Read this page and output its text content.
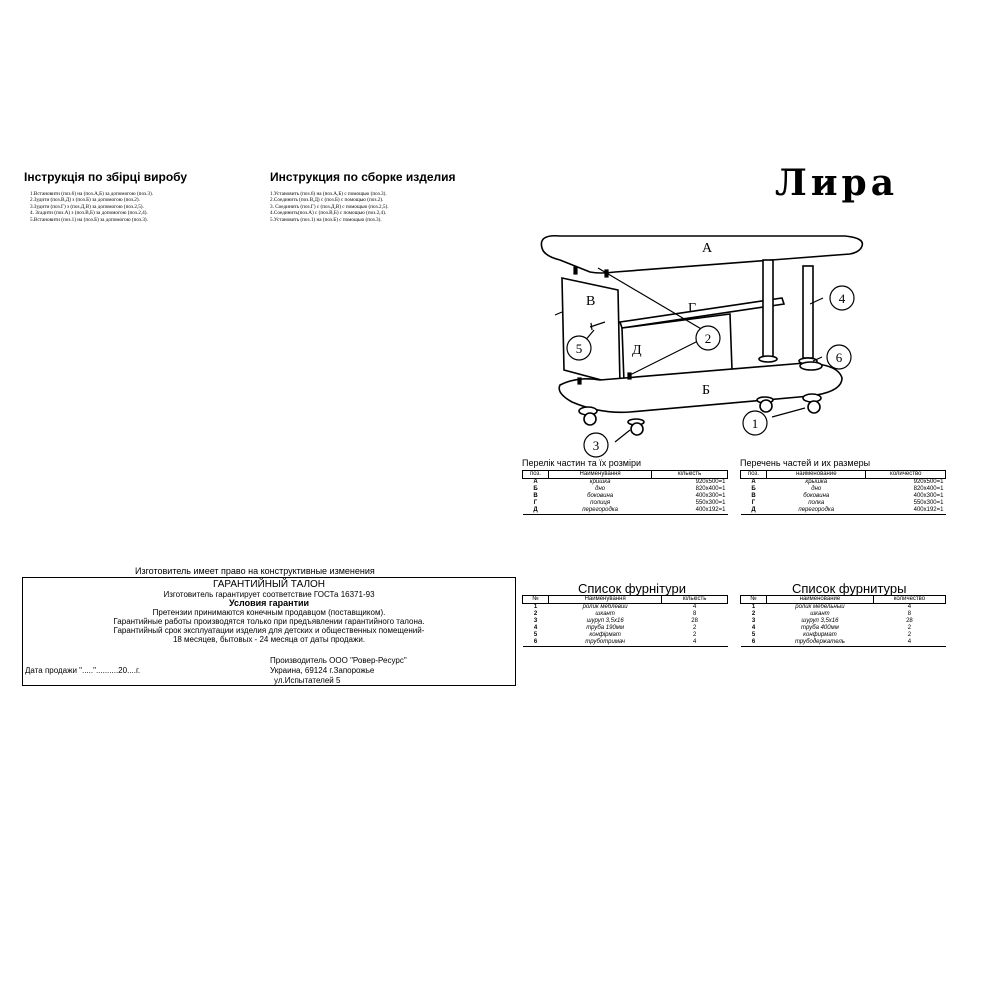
Інструкція по збірці виробу
1.Встановити (поз.6) на (поз.А,Б) за допомогою (поз.3).
2.Зудити (поз.В,Д) з (поз.Б) за допомогою (поз.2).
3.Зудити (поз.Г) з (поз.Д,В) за допомогою (поз.2,5).
4. Зсадити (поз.А) з (поз.В,Б) за допомогою (поз.2,4).
5.Встановити (поз.1) на (поз.Б) за допомогою (поз.3).
Инструкция по сборке изделия
1.Установить (поз.6) на (поз.А,Б) с помощью (поз.3).
2.Соединить (поз.В,Д) с (поз.Б) с помощью (поз.2).
3. Соединить (поз.Г) с (поз.Д,В) с помощью (поз.2,5).
4.Соединить(поз.А) с (поз.В,Б) с помощью (поз.2,4).
5.Установить (поз.1) на (поз.Б) с помощью (поз.3).
Лира
А
Б
В	Г
Д
1
2
3
4
5
6
Перелік частин та їх розміри
поз.	Найменування	кількість
А	кришка	920х500=1
Б	дно	820х400=1
В	боковина	400х300=1
Г	полиця	550х300=1
Д	перегородка	400х192=1
Перечень частей и их размеры
поз.	наименование	количество
А	крышка	920х500=1
Б	дно	820х400=1
В	боковина	400х300=1
Г	полка	550х300=1
Д	перегородка	400х192=1
Изготовитель имеет право на конструктивные изменения
ГАРАНТИЙНЫЙ ТАЛОН
Изготовитель гарантирует соответствие ГОСТа 16371-93
Условия гарантии
Претензии принимаются конечным продавцом (поставщиком).
Гарантийные работы производятся только при предъявлении гарантийного талона.
Гарантийный срок эксплуатации изделия для детских и общественных помещений-
18 месяцев, бытовых - 24 месяца от даты продажи.
Производитель ООО "Ровер-Ресурс"
Украина, 69124 г.Запорожье
ул.Испытателей 5
Дата продажи "....."..........20....г.
Список фурнітури
№	Найменування	кількість
1	ролик меблевий	4
2	шкант	8
3	шуруп 3,5х16	28
4	труба 190мм	2
5	конфірмат	2
6	труботримач	4
Список фурнитуры
№	наименование	количество
1	ролик мебельный	4
2	шкант	8
3	шуруп 3,5х16	28
4	труба 400мм	2
5	конфирмат	2
6	трубодержатель	4
